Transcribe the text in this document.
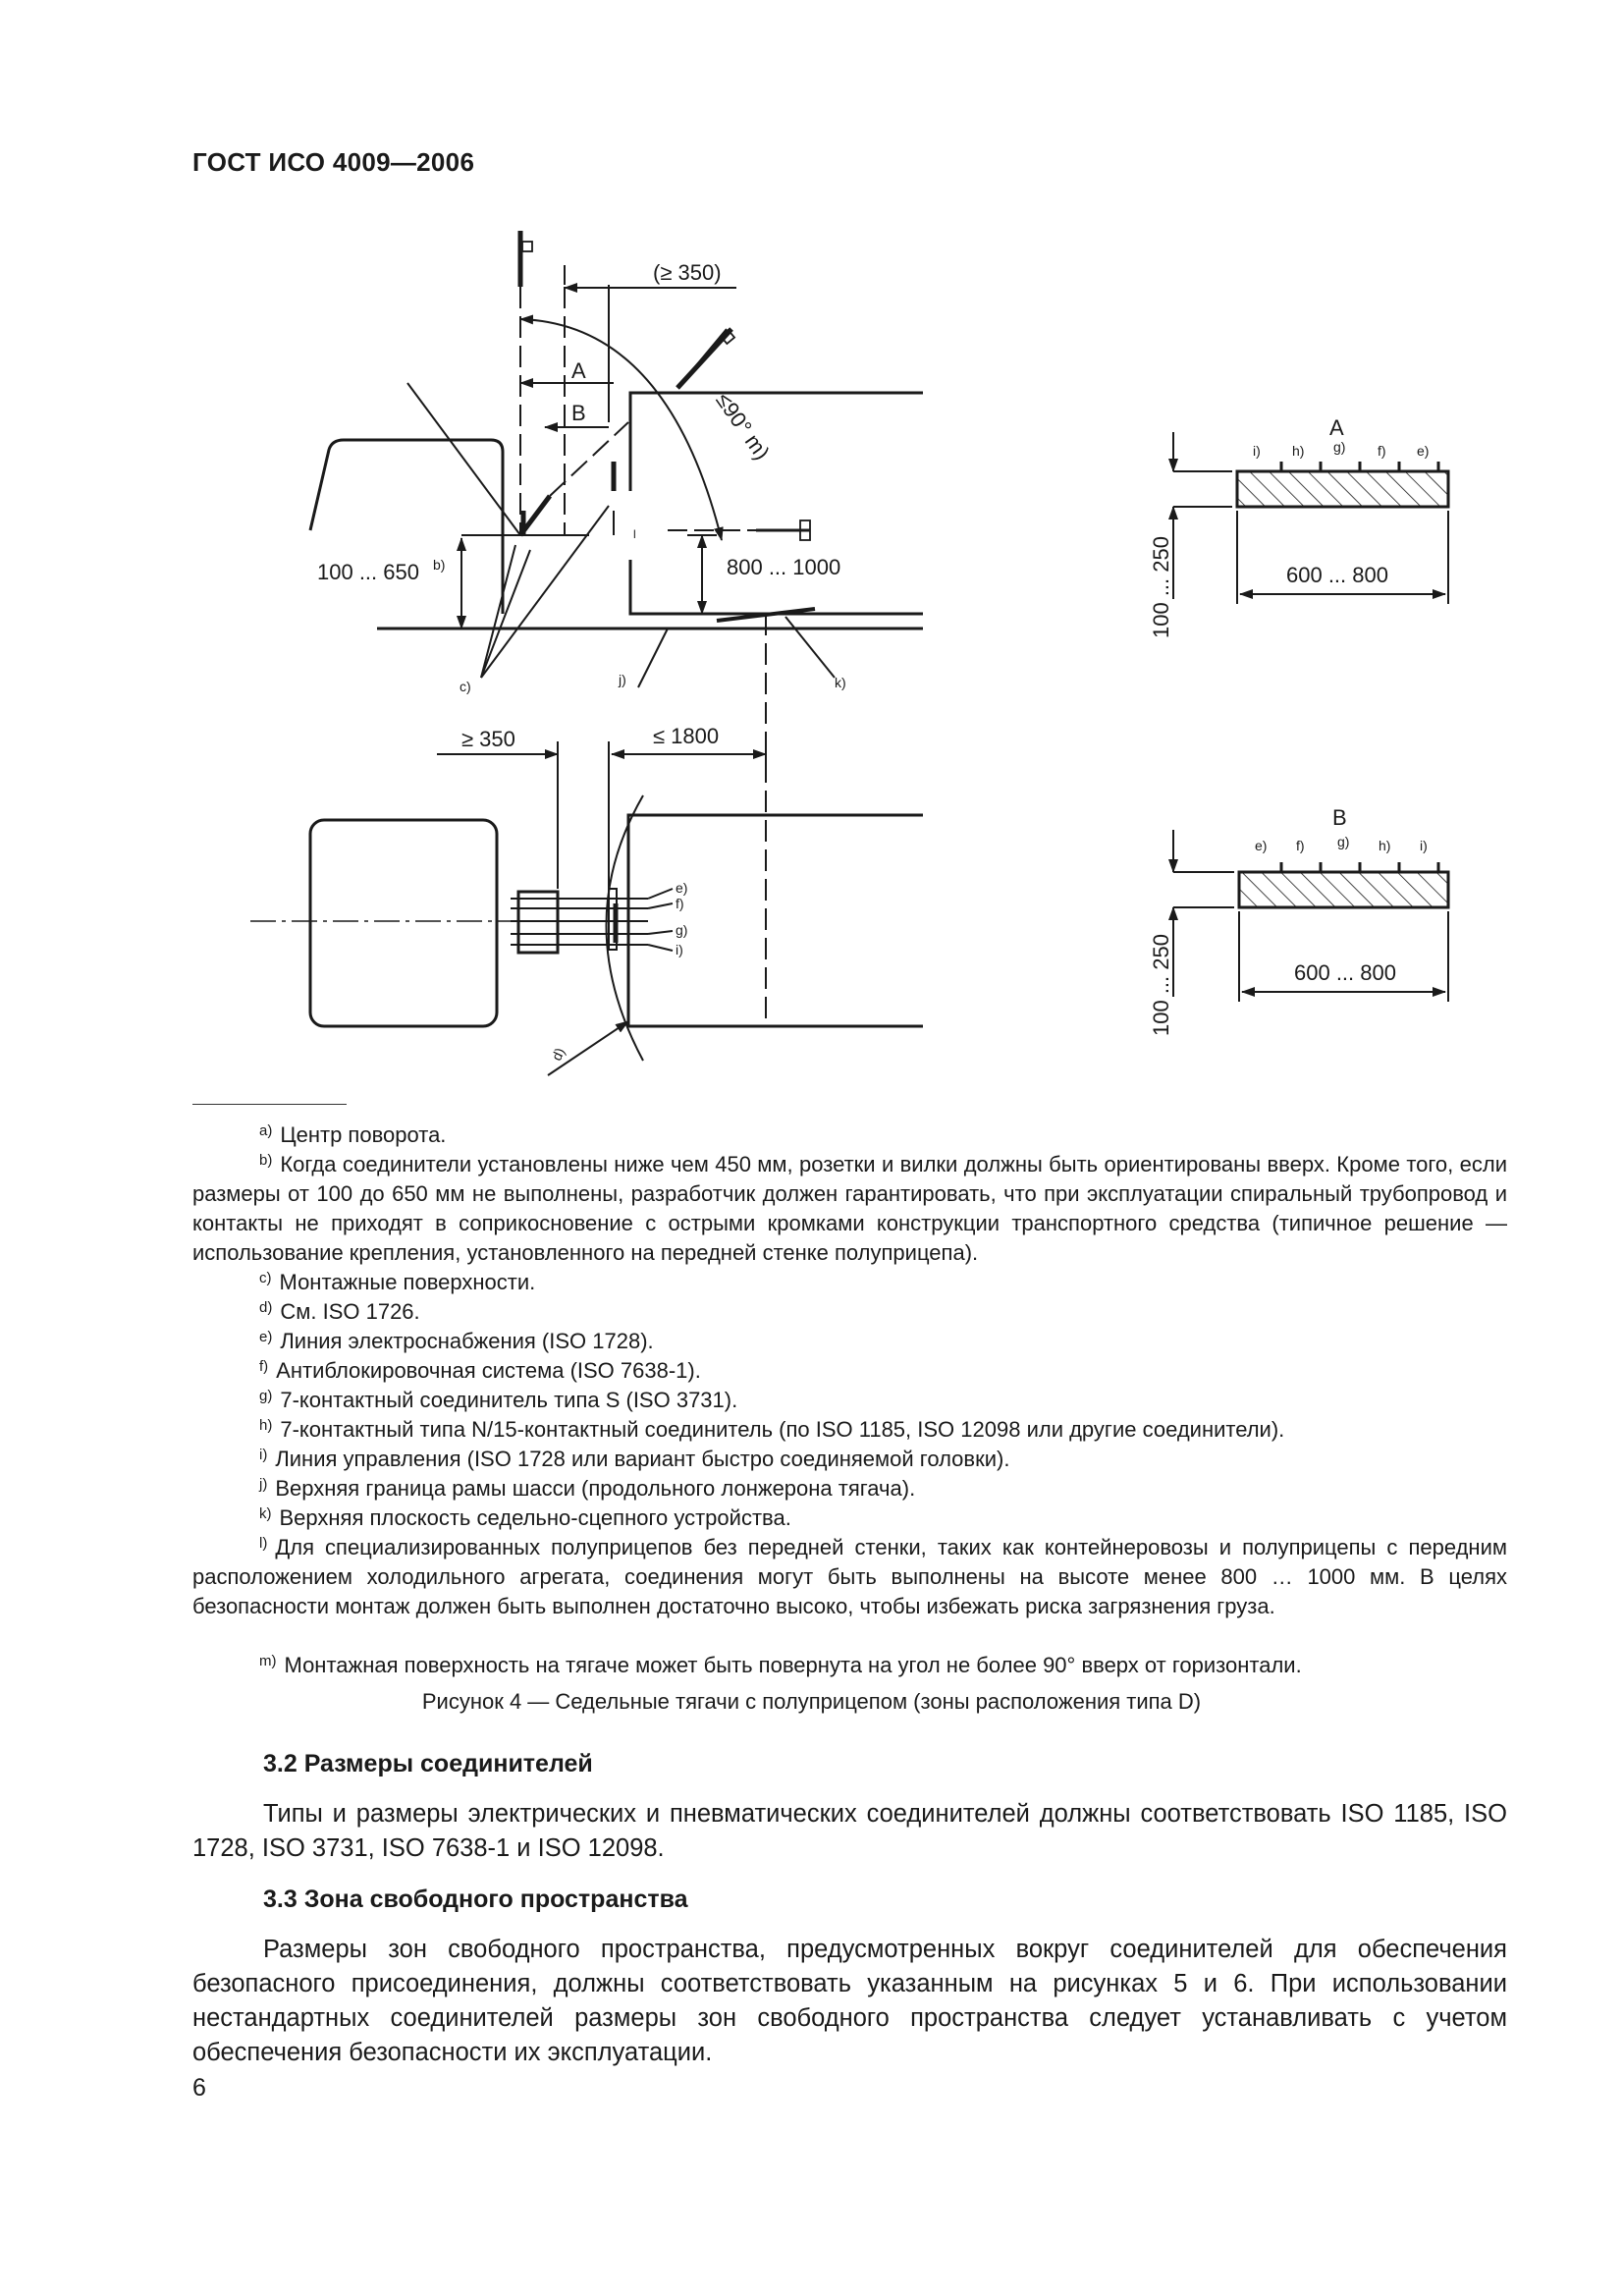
ГОСТ ИСО 4009—2006
(≥ 350)
A
B	≤90° m)
100 ... 650 b)
l
800 ... 1000
c)	j)	k)
≥ 350	≤ 1800
e)
f)
g)
i)
d)
A
i) h) g) f) e)
100 ... 250	600 ... 800
B
e) f) g) h) i)
100 ... 250	600 ... 800
$^{a)}$ Центр поворота.
$^{b)}$ Когда соединители установлены ниже чем 450 мм, розетки и вилки должны быть ориентированы вверх. Кроме того, если размеры от 100 до 650 мм не выполнены, разработчик должен гарантировать, что при эксплуатации спиральный трубопровод и контакты не приходят в соприкосновение с острыми кромками конструкции транспортного средства (типичное решение — использование крепления, установленного на передней стенке полуприцепа).
$^{c)}$ Монтажные поверхности.
$^{d)}$ См. ISO 1726.
$^{e)}$ Линия электроснабжения (ISO 1728).
$^{f)}$ Антиблокировочная система (ISO 7638-1).
$^{g)}$ 7-контактный соединитель типа S (ISO 3731).
$^{h)}$ 7-контактный типа N/15-контактный соединитель (по ISO 1185, ISO 12098 или другие соединители).
$^{i)}$ Линия управления (ISO 1728 или вариант быстро соединяемой головки).
$^{j)}$ Верхняя граница рамы шасси (продольного лонжерона тягача).
$^{k)}$ Верхняя плоскость седельно-сцепного устройства.
$^{l)}$ Для специализированных полуприцепов без передней стенки, таких как контейнеровозы и полуприцепы с передним расположением холодильного агрегата, соединения могут быть выполнены на высоте менее 800 … 1000 мм. В целях безопасности монтаж должен быть выполнен достаточно высоко, чтобы избежать риска загрязнения груза.
$^{m)}$ Монтажная поверхность на тягаче может быть повернута на угол не более 90° вверх от горизонтали.
Рисунок 4 — Седельные тягачи с полуприцепом (зоны расположения типа D)
3.2 Размеры соединителей
Типы и размеры электрических и пневматических соединителей должны соответствовать ISO 1185, ISO 1728, ISO 3731, ISO 7638-1 и ISO 12098.
3.3 Зона свободного пространства
Размеры зон свободного пространства, предусмотренных вокруг соединителей для обеспечения безопасного присоединения, должны соответствовать указанным на рисунках 5 и 6. При использовании нестандартных соединителей размеры зон свободного пространства следует устанавливать с учетом обеспечения безопасности их эксплуатации.
6
